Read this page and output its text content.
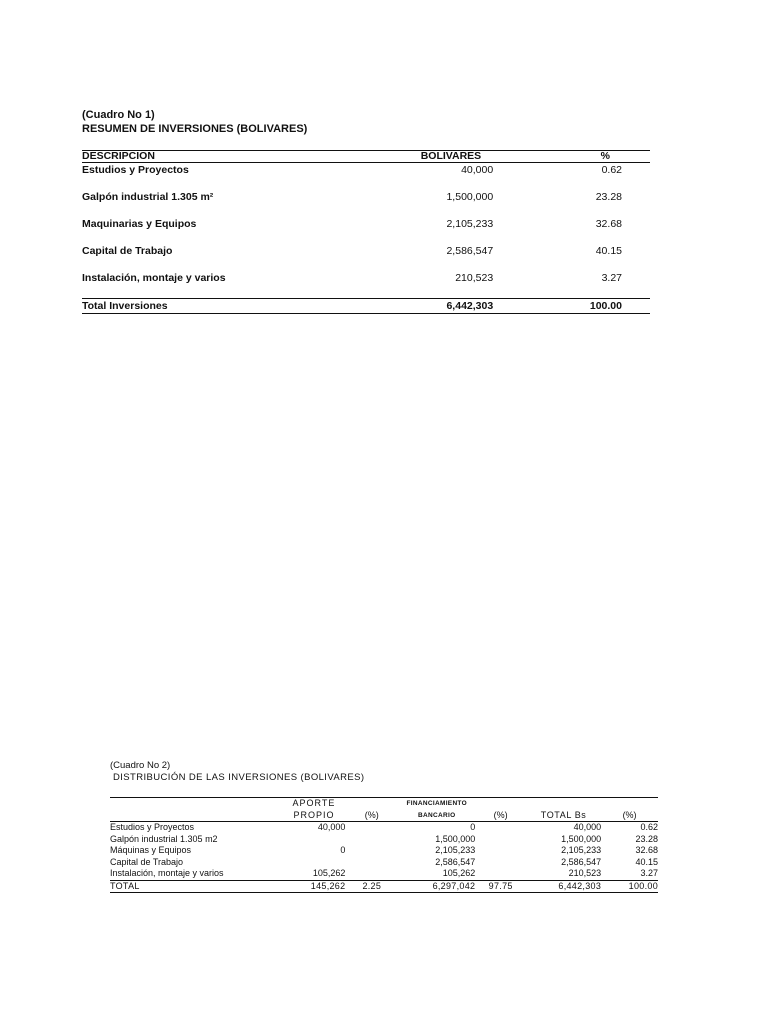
(Cuadro No 1)
RESUMEN DE INVERSIONES (BOLIVARES)
DESCRIPCION	BOLIVARES	%
Estudios y Proyectos	40,000	0.62
Galpón industrial 1.305 m²	1,500,000	23.28
Maquinarias y Equipos	2,105,233	32.68
Capital de Trabajo	2,586,547	40.15
Instalación, montaje y varios	210,523	3.27
Total Inversiones	6,442,303	100.00
(Cuadro No 2)
DISTRIBUCIÓN DE LAS INVERSIONES (BOLIVARES)
	APORTE		FINANCIAMIENTO			
	PROPIO	(%)	BANCARIO	(%)	TOTAL Bs	(%)
Estudios y Proyectos	40,000		0		40,000	0.62
Galpón industrial 1.305 m2			1,500,000		1,500,000	23.28
Máquinas y Equipos	0		2,105,233		2,105,233	32.68
Capital de Trabajo			2,586,547		2,586,547	40.15
Instalación, montaje y varios	105,262		105,262		210,523	3.27
TOTAL	145,262	2.25	6,297,042	97.75	6,442,303	100.00
